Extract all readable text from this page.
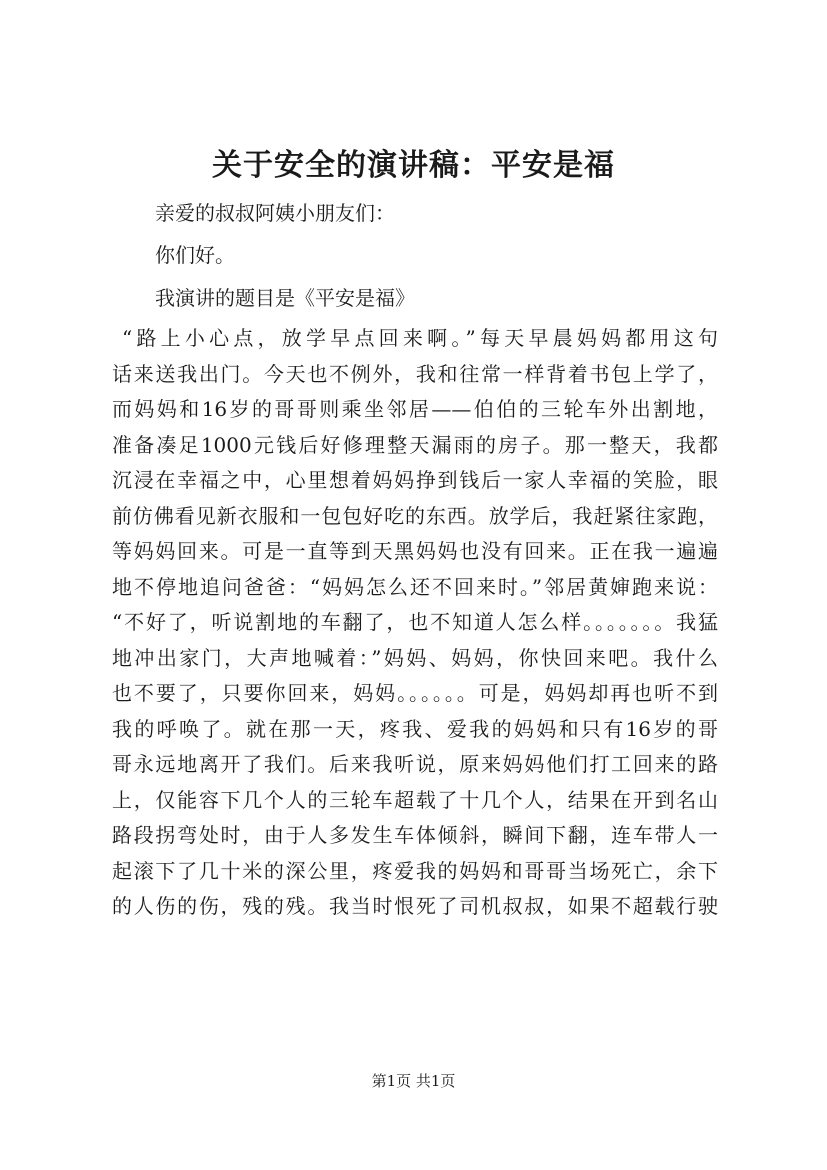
关于安全的演讲稿：平安是福

亲爱的叔叔阿姨小朋友们：

你们好。

我演讲的题目是《平安是福》

“路上小心点，放学早点回来啊。”每天早晨妈妈都用这句
话来送我出门。今天也不例外，我和往常一样背着书包上学了，
而妈妈和16岁的哥哥则乘坐邻居——伯伯的三轮车外出割地，
准备凑足1000元钱后好修理整天漏雨的房子。那一整天，我都
沉浸在幸福之中，心里想着妈妈挣到钱后一家人幸福的笑脸，眼
前仿佛看见新衣服和一包包好吃的东西。放学后，我赶紧往家跑，
等妈妈回来。可是一直等到天黑妈妈也没有回来。正在我一遍遍
地不停地追问爸爸：“妈妈怎么还不回来时。”邻居黄婶跑来说：
“不好了，听说割地的车翻了，也不知道人怎么样。。。。。。。我猛
地冲出家门，大声地喊着：”妈妈、妈妈，你快回来吧。我什么
也不要了，只要你回来，妈妈。。。。。。可是，妈妈却再也听不到
我的呼唤了。就在那一天，疼我、爱我的妈妈和只有16岁的哥
哥永远地离开了我们。后来我听说，原来妈妈他们打工回来的路
上，仅能容下几个人的三轮车超载了十几个人，结果在开到名山
路段拐弯处时，由于人多发生车体倾斜，瞬间下翻，连车带人一
起滚下了几十米的深公里，疼爱我的妈妈和哥哥当场死亡，余下
的人伤的伤，残的残。我当时恨死了司机叔叔，如果不超载行驶

第1页 共1页
